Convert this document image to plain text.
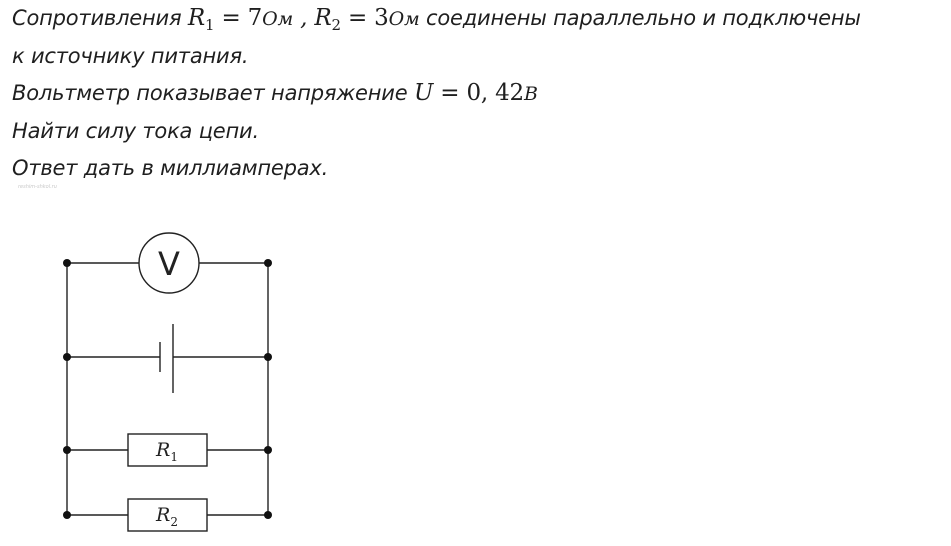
Сопротивления $R_1 = 7Ом$ , $R_2 = 3Ом$ соединены параллельно и подключены
к источнику питания.
Вольтметр показывает напряжение U = 0, 42В
Найти силу тока цепи.
Ответ дать в миллиамперах.
reshim-shkol.ru
V
$R_1$
$R_2$
